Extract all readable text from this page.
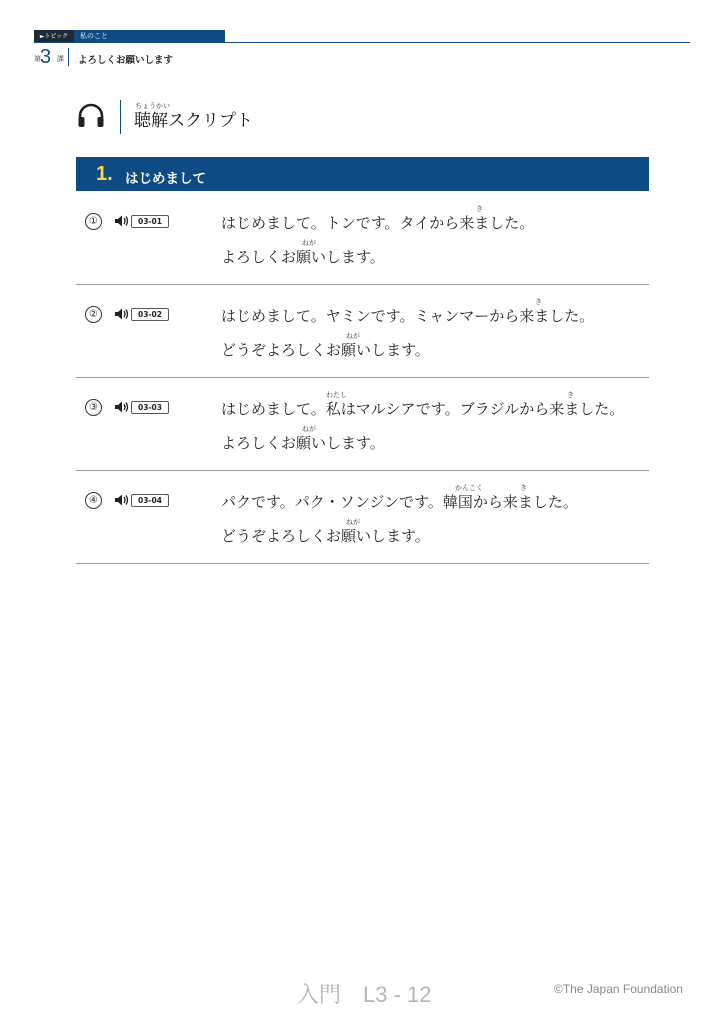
►トピック	私のこと
第 3 課 よろしくお願いします
ちょうかい
聴解スクリプト
1. はじめまして
①	03-01
き
はじめまして。トンです。タイから来ました。
ねが
よろしくお願いします。
②	03-02
き
はじめまして。ヤミンです。ミャンマーから来ました。
ねが
どうぞよろしくお願いします。
③	03-03
わたし	き
はじめまして。私はマルシアです。ブラジルから来ました。
ねが
よろしくお願いします。
④	03-04
かんこく	き
パクです。パク・ソンジンです。韓国から来ました。
ねが
どうぞよろしくお願いします。
入門　L3 - 12	©The Japan Foundation
